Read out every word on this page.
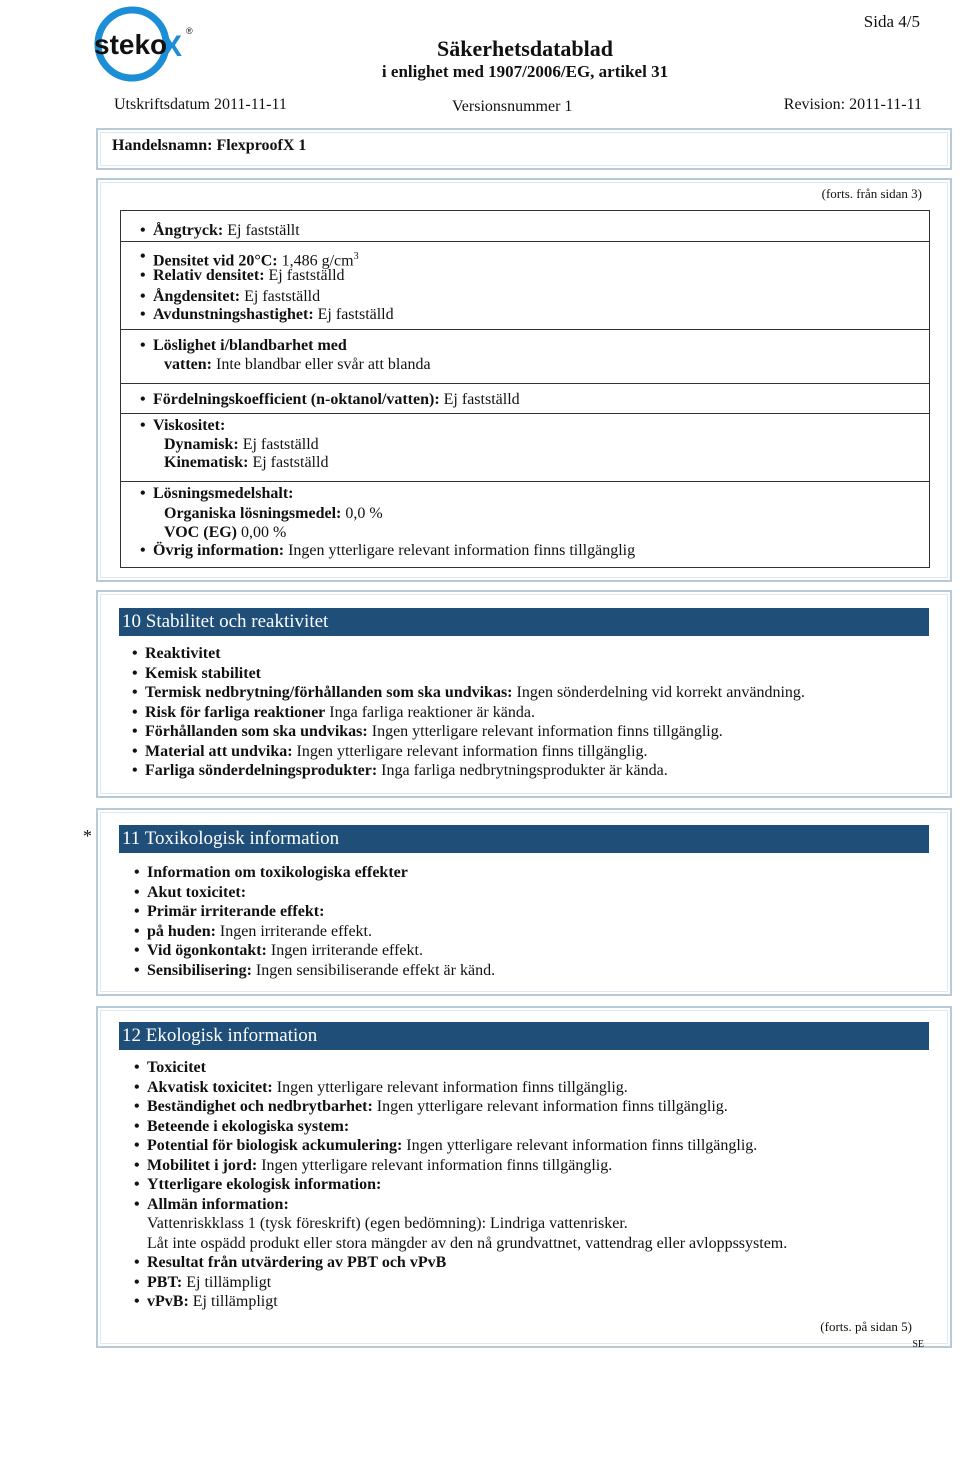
steko
X ®	Sida 4/5
Säkerhetsdatablad
i enlighet med 1907/2006/EG, artikel 31
Utskriftsdatum 2011-11-11	Versionsnummer 1	Revision: 2011-11-11
Handelsnamn: FlexproofX 1
(forts. från sidan 3)
• Ångtryck: Ej fastställt
• Densitet vid 20°C: 1,486 $g/cm^3$
• Relativ densitet: Ej fastställd
• Ångdensitet: Ej fastställd
• Avdunstningshastighet: Ej fastställd
• Löslighet i/blandbarhet med
vatten: Inte blandbar eller svår att blanda
• Fördelningskoefficient (n-oktanol/vatten): Ej fastställd
• Viskositet:
Dynamisk: Ej fastställd
Kinematisk: Ej fastställd
• Lösningsmedelshalt:
Organiska lösningsmedel: 0,0 %
VOC (EG) 0,00 %
• Övrig information: Ingen ytterligare relevant information finns tillgänglig
10 Stabilitet och reaktivitet
• Reaktivitet
• Kemisk stabilitet
• Termisk nedbrytning/förhållanden som ska undvikas: Ingen sönderdelning vid korrekt användning.
• Risk för farliga reaktioner Inga farliga reaktioner är kända.
• Förhållanden som ska undvikas: Ingen ytterligare relevant information finns tillgänglig.
• Material att undvika: Ingen ytterligare relevant information finns tillgänglig.
• Farliga sönderdelningsprodukter: Inga farliga nedbrytningsprodukter är kända.
* 11 Toxikologisk information
• Information om toxikologiska effekter
• Akut toxicitet:
• Primär irriterande effekt:
• på huden: Ingen irriterande effekt.
• Vid ögonkontakt: Ingen irriterande effekt.
• Sensibilisering: Ingen sensibiliserande effekt är känd.
12 Ekologisk information
• Toxicitet
• Akvatisk toxicitet: Ingen ytterligare relevant information finns tillgänglig.
• Beständighet och nedbrytbarhet: Ingen ytterligare relevant information finns tillgänglig.
• Beteende i ekologiska system:
• Potential för biologisk ackumulering: Ingen ytterligare relevant information finns tillgänglig.
• Mobilitet i jord: Ingen ytterligare relevant information finns tillgänglig.
• Ytterligare ekologisk information:
• Allmän information:
Vattenriskklass 1 (tysk föreskrift) (egen bedömning): Lindriga vattenrisker.
Låt inte ospädd produkt eller stora mängder av den nå grundvattnet, vattendrag eller avloppssystem.
• Resultat från utvärdering av PBT och vPvB
• PBT: Ej tillämpligt
• vPvB: Ej tillämpligt
(forts. på sidan 5)
SE
